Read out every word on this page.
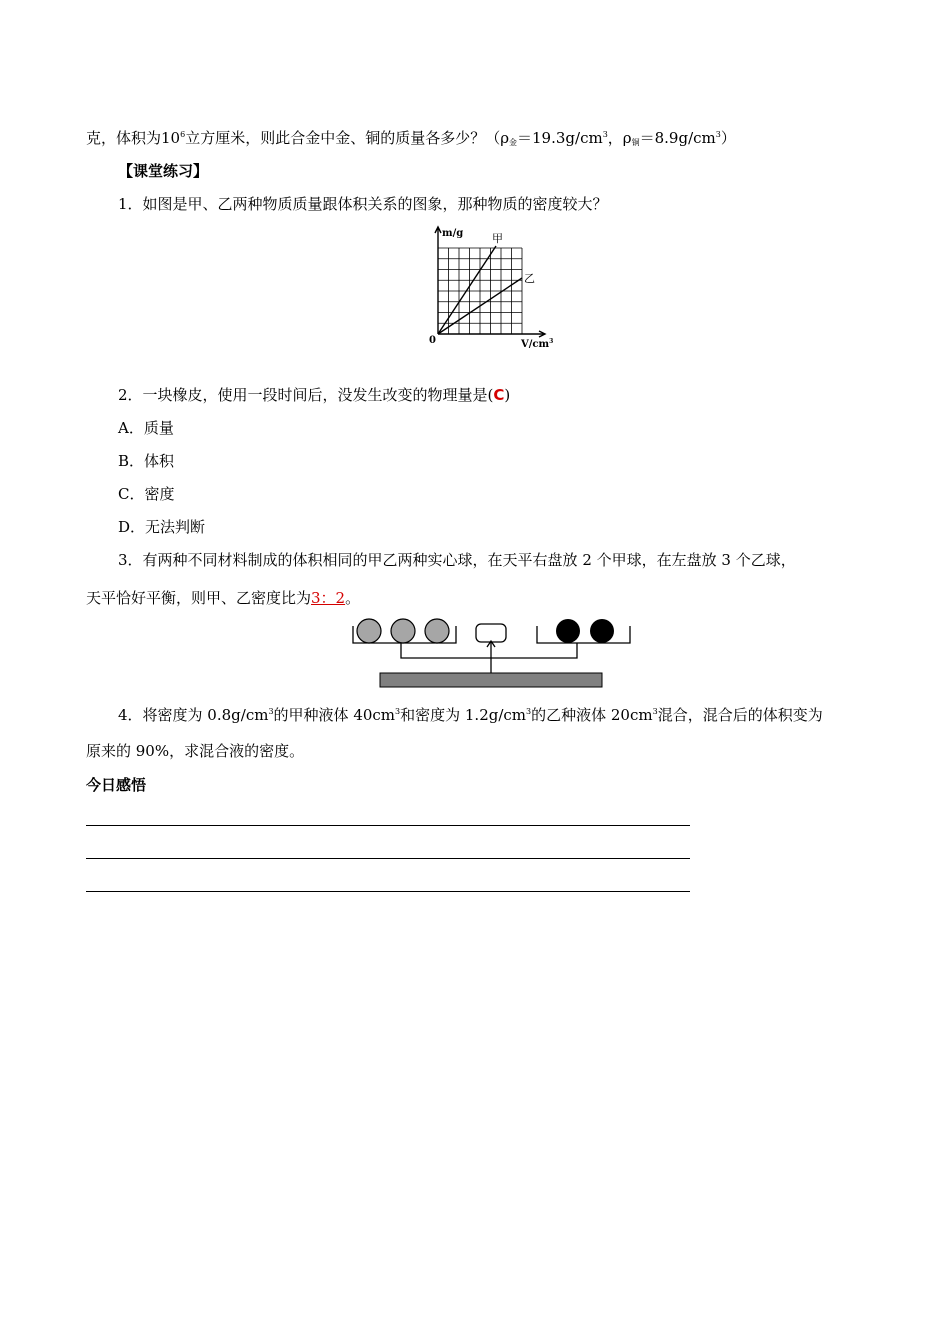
克，体积为$10^6$立方厘米，则此合金中金、铜的质量各多少？（$\rho_金=19.3g/cm^3$，$\rho_铜=8.9g/cm^3$）
【课堂练习】
1．如图是甲、乙两种物质质量跟体积关系的图象，那种物质的密度较大？
m/g	甲
乙
0	$V/cm^3$
2．一块橡皮，使用一段时间后，没发生改变的物理量是(C)
A．质量
B．体积
C．密度
D．无法判断
3．有两种不同材料制成的体积相同的甲乙两种实心球，在天平右盘放 2 个甲球，在左盘放 3 个乙球，
天平恰好平衡，则甲、乙密度比为3：2。
4．将密度为 $0.8g/cm^3$的甲种液体 $40cm^3$和密度为 $1.2g/cm^3$的乙种液体 $20cm^3$混合，混合后的体积变为
原来的 90%，求混合液的密度。
今日感悟
